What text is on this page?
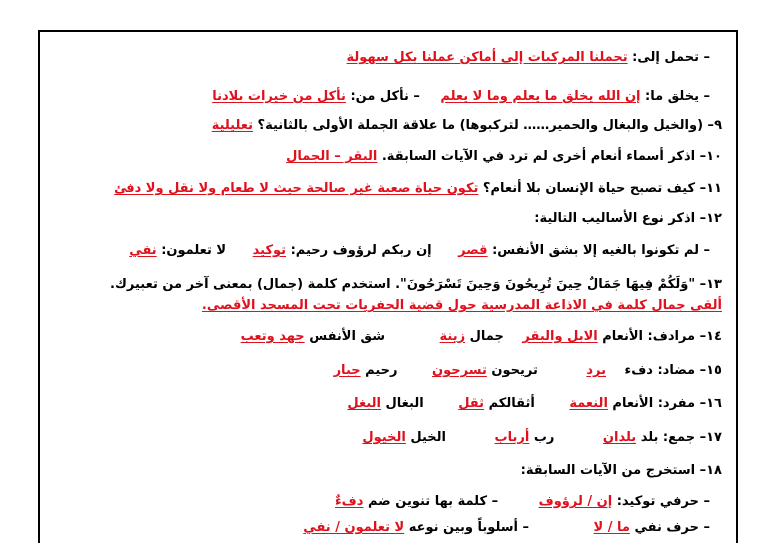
– تحمل إلى: تحملنا المركبات إلى أماكن عملنا بكل سهولة
– يخلق ما: إن الله يخلق ما يعلم وما لا يعلم – نأكل من: نأكل من خيرات بلادنا
٩– (والخيل والبغال والحمير…… لتركبوها) ما علاقة الجملة الأولى بالثانية؟ تعليلية
١٠– اذكر أسماء أنعام أخرى لم ترد في الآيات السابقة. البقر – الجمال
١١– كيف تصبح حياة الإنسان بلا أنعام؟ تكون حياة صعبة غير صالحة حيث لا طعام ولا نقل ولا دفئ
١٢– اذكر نوع الأساليب التالية:
– لم تكونوا بالغيه إلا بشق الأنفس: قصر إن ربكم لرؤوف رحيم: توكيد لا تعلمون: نفي
١٣– "وَلَكُمْ فِيهَا جَمَالٌ حِينَ تُرِيحُونَ وَحِينَ تَسْرَحُونَ". استخدم كلمة (جمال) بمعنى آخر من تعبيرك.
ألقى جمال كلمة في الاذاعة المدرسية حول قضية الحفريات تحت المسجد الأقصى.
١٤– مرادف: الأنعام الابل والبقر جمال زينة شق الأنفس جهد وتعب
١٥– مضاد: دفء برد تريحون تسرحون رحيم جبار
١٦– مفرد: الأنعام النعمة أثقالكم ثقل البغال البغل
١٧– جمع: بلد بلدان رب أرباب الخيل الخيول
١٨– استخرج من الآيات السابقة:
– حرفي توكيد: إن / لرؤوف – كلمة بها تنوين ضم دفءٌ
– حرف نفي ما / لا – أسلوباً وبين نوعه لا تعلمون / نفي
